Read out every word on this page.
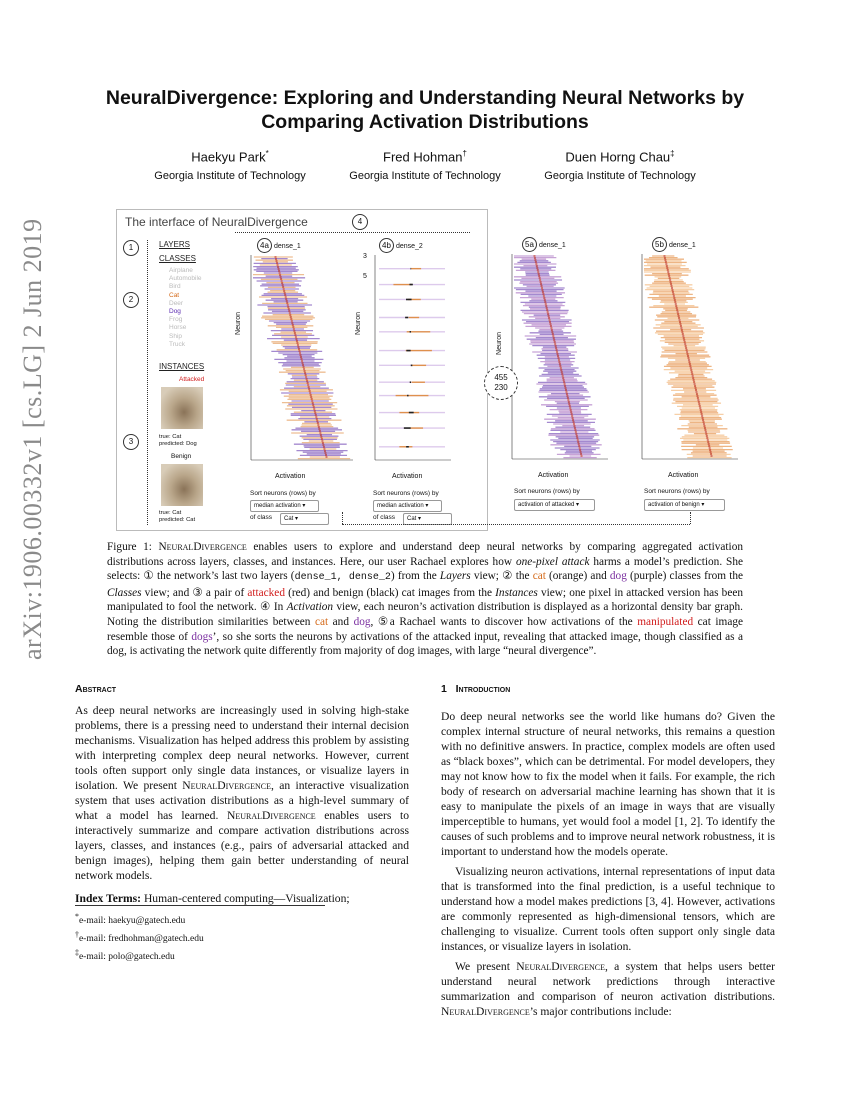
arXiv:1906.00332v1 [cs.LG] 2 Jun 2019
NeuralDivergence: Exploring and Understanding Neural Networks by
Comparing Activation Distributions
Haekyu Park*
Georgia Institute of Technology
Fred Hohman†
Georgia Institute of Technology
Duen Horng Chau‡
Georgia Institute of Technology
The interface of NeuralDivergence
1
2
3
4
LAYERS
CLASSES
Airplane
Automobile
Bird
Cat
Deer
Dog
Frog
Horse
Ship
Truck
INSTANCES
Attacked
true: Cat
predicted: Dog
Benign
true: Cat
predicted: Cat
4a dense_1
Neuron
Activation
Sort neurons (rows) by
median activation ▾
of class	Cat ▾
4b dense_2
Neuron
3
5
Activation
Sort neurons (rows) by
median activation ▾
of class	Cat ▾
5a dense_1
Neuron
455
230
Activation
Sort neurons (rows) by
activation of attacked ▾
5b dense_1
Activation
Sort neurons (rows) by
activation of benign ▾
Figure 1: NeuralDivergence enables users to explore and understand deep neural networks by comparing aggregated activation distributions across layers, classes, and instances. Here, our user Rachael explores how one-pixel attack harms a model’s prediction. She selects: ① the network’s last two layers (dense_1, dense_2) from the Layers view; ② the cat (orange) and dog (purple) classes from the Classes view; and ③ a pair of attacked (red) and benign (black) cat images from the Instances view; one pixel in attacked version has been manipulated to fool the network. ④ In Activation view, each neuron’s activation distribution is displayed as a horizontal density bar graph. Noting the distribution similarities between cat and dog, ⑤a Rachael wants to discover how activations of the manipulated cat image resemble those of dogs’, so she sorts the neurons by activations of the attacked input, revealing that attacked image, though classified as a dog, is activating the network quite differently from majority of dog images, with large “neural divergence”.
Abstract
As deep neural networks are increasingly used in solving high-stake problems, there is a pressing need to understand their internal decision mechanisms. Visualization has helped address this problem by assisting with interpreting complex deep neural networks. However, current tools often support only single data instances, or visualize layers in isolation. We present NeuralDivergence, an interactive visualization system that uses activation distributions as a high-level summary of what a model has learned. NeuralDivergence enables users to interactively summarize and compare activation distributions across layers, classes, and instances (e.g., pairs of adversarial attacked and benign images), helping them gain better understanding of neural network models.
Index Terms: Human-centered computing—Visualization;
*e-mail: haekyu@gatech.edu
†e-mail: fredhohman@gatech.edu
‡e-mail: polo@gatech.edu
1 Introduction
Do deep neural networks see the world like humans do? Given the complex internal structure of neural networks, this remains a question with no definitive answers. In practice, complex models are often used as “black boxes”, which can be detrimental. For model developers, they may not know how to fix the model when it fails. For example, the rich body of research on adversarial machine learning has shown that it is easy to manipulate the pixels of an image in ways that are visually imperceptible to humans, yet would fool a model [1, 2]. To identify the causes of such problems and to improve neural network robustness, it is important to understand how the models operate.
Visualizing neuron activations, internal representations of input data that is transformed into the final prediction, is a useful technique to understand how a model makes predictions [3, 4]. However, activations are commonly represented as high-dimensional tensors, which are challenging to visualize. Current tools often support only single data instances, or visualize layers in isolation.
We present NeuralDivergence, a system that helps users better understand neural network predictions through interactive summarization and comparison of neuron activation distributions. NeuralDivergence’s major contributions include:
